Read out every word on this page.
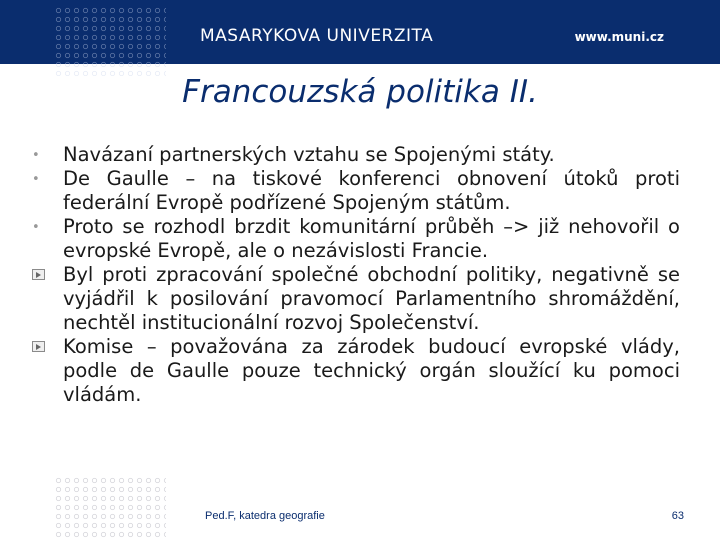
MASARYKOVA UNIVERZITA	www.muni.cz
Francouzská politika II.
• Navázaní partnerských vztahu se Spojenými státy.
• De Gaulle – na tiskové konferenci obnovení útoků proti federální Evropě podřízené Spojeným státům.
• Proto se rozhodl brzdit komunitární průběh –> již nehovořil o evropské Evropě, ale o nezávislosti Francie.
Byl proti zpracování společné obchodní politiky, negativně se vyjádřil k posilování pravomocí Parlamentního shromáždění, nechtěl institucionální rozvoj Společenství.
Komise – považována za zárodek budoucí evropské vlády, podle de Gaulle pouze technický orgán sloužící ku pomoci vládám.
Ped.F, katedra geografie	63
